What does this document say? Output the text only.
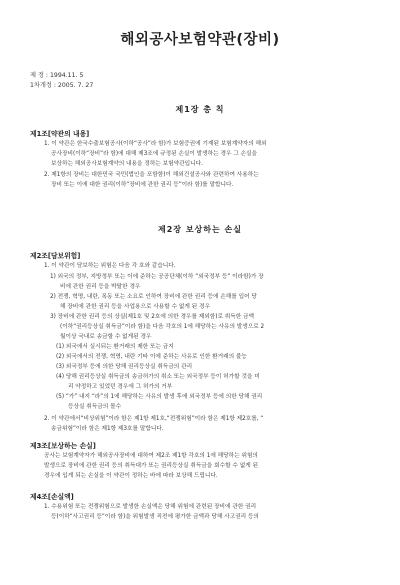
해외공사보험약관(장비)
제 정 : 1994.11. 5
1차개정 : 2005. 7. 27
제1장 총 칙
제1조[약관의 내용]
1. 이 약관은 한국수출보험공사(이하“공사”라 함)가 보험증권에 기재된 보험계약자의 해외
공사장비(이하“장비”라 함)에 대해 제3조에 규정된 손실이 발생하는 경우 그 손실을
보상하는 해외공사보험계약의 내용을 정하는 보험약관입니다.
2. 제1항의 장비는 대한민국 국민(법인을 포함함)이 해외건설공사와 관련하여 사용하는
장비 또는 이에 대한 권리(이하“장비에 관한 권리 등”이라 함)를 말합니다.
제2장 보상하는 손실
제2조[담보위험]
1. 이 약관이 담보하는 위험은 다음 각 호와 같습니다.
1) 외국의 정부, 지방정부 또는 이에 준하는 공공단체(이하 “외국정부 등” 이라함)가 장
비에 관한 권리 등을 박탈한 경우
2) 전쟁, 혁명, 내란, 폭동 또는 소요로 인하여 장비에 관한 권리 등에 손해를 입어 당
해 장비에 관한 권리 등을 사업용으로 사용할 수 없게 된 경우
3) 장비에 관한 권리 등의 상실(제1호 및 2호에 의한 경우를 제외함)로 취득한 금액
(이하“권리등상실 취득금”이라 함)을 다음 각호의 1에 해당하는 사유의 발생으로 2
월이상 국내로 송금할 수 없게된 경우
(1) 외국에서 실시되는 환거래의 제한 또는 금지
(2) 외국에서의 전쟁, 혁명, 내란 기타 이에 준하는 사유로 인한 환거래의 불능
(3) 외국정부 등에 의한 당해 권리등상실 취득금의 관리
(4) 당해 권리등상실 취득금의 송금허가의 취소 또는 외국정부 등이 허가할 것을 미
리 약정하고 있었던 경우에 그 허가의 거부
(5) “가” 내지 “라”의 1에 해당하는 사유의 발생 후에 외국정부 등에 의한 당해 권리
등상실 취득금의 몰수
2. 이 약관에서“비상위험”이라 함은 제1항 제1호,“전쟁위험”이라 함은 제1항 제2호를, “
송금위험”이라 함은 제1항 제3호를 말합니다.
제3조[보상하는 손실]
공사는 보험계약자가 해외공사장비에 대하여 제2조 제1항 각호의 1에 해당하는 위험의
발생으로 장비에 관한 권리 등의 취득대가 또는 권리등상실 취득금을 회수할 수 없게 된
경우에 입게 되는 손실을 이 약관이 정하는 바에 따라 보상해 드립니다.
제4조[손실액]
1. 수용위험 또는 전쟁위험으로 발생한 손실액은 당해 위험에 관련된 장비에 관한 권리
등(이하“사고권리 등”이라 함)을 위험발생 직전에 평가한 금액과 당해 사고권리 등의
